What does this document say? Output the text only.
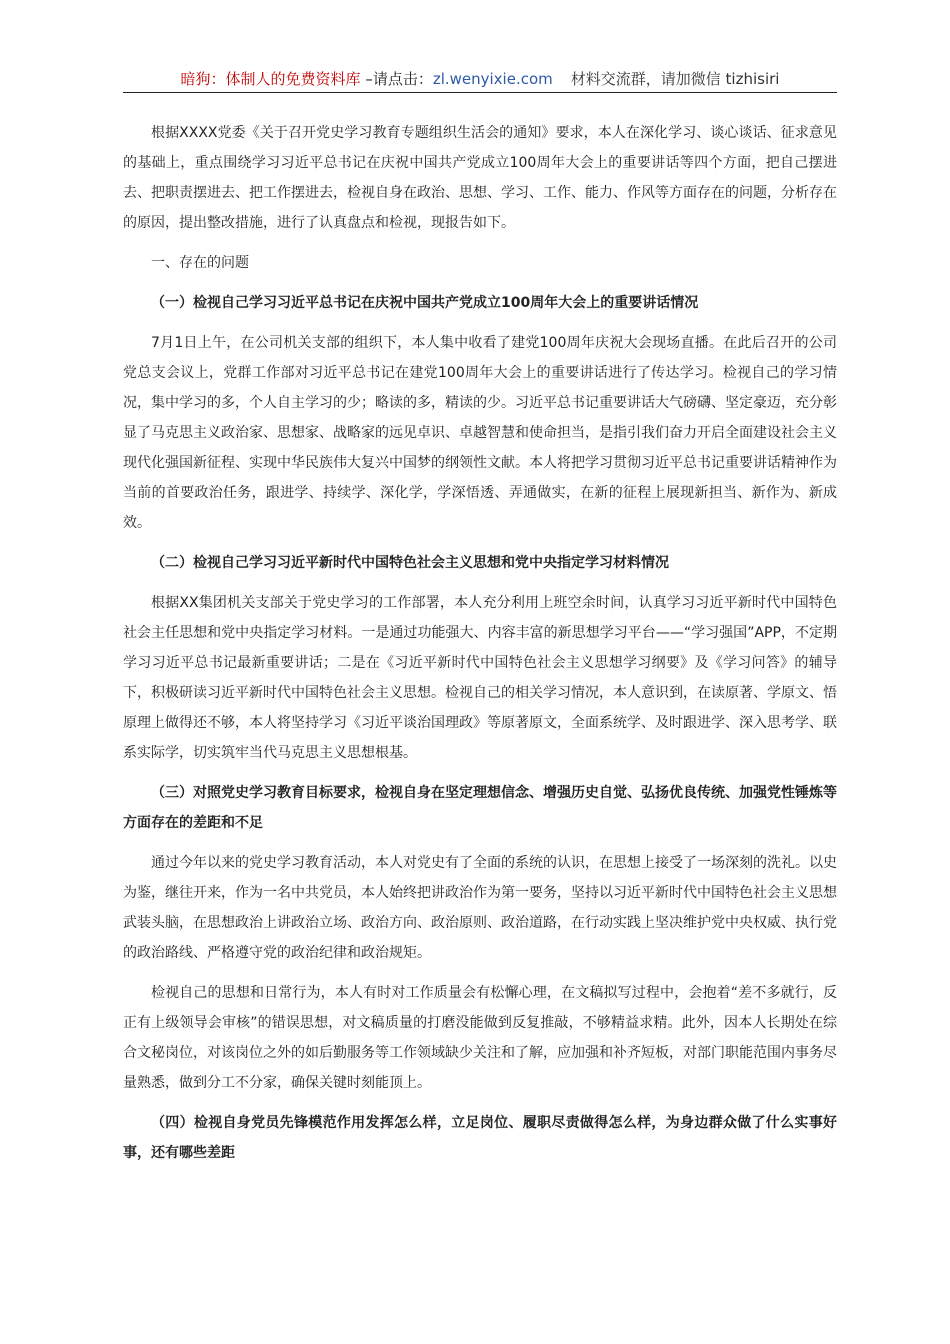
暗狗：体制人的免费资料库 –请点击：zl.wenyixie.com 材料交流群，请加微信 tizhisiri

根据XXXX党委《关于召开党史学习教育专题组织生活会的通知》要求，本人在深化学习、谈心谈话、征求意见的基础上，重点围绕学习习近平总书记在庆祝中国共产党成立100周年大会上的重要讲话等四个方面，把自己摆进去、把职责摆进去、把工作摆进去，检视自身在政治、思想、学习、工作、能力、作风等方面存在的问题，分析存在的原因，提出整改措施，进行了认真盘点和检视，现报告如下。

一、存在的问题

（一）检视自己学习习近平总书记在庆祝中国共产党成立100周年大会上的重要讲话情况

7月1日上午，在公司机关支部的组织下，本人集中收看了建党100周年庆祝大会现场直播。在此后召开的公司党总支会议上，党群工作部对习近平总书记在建党100周年大会上的重要讲话进行了传达学习。检视自己的学习情况，集中学习的多，个人自主学习的少；略读的多，精读的少。习近平总书记重要讲话大气磅礴、坚定豪迈，充分彰显了马克思主义政治家、思想家、战略家的远见卓识、卓越智慧和使命担当，是指引我们奋力开启全面建设社会主义现代化强国新征程、实现中华民族伟大复兴中国梦的纲领性文献。本人将把学习贯彻习近平总书记重要讲话精神作为当前的首要政治任务，跟进学、持续学、深化学，学深悟透、弄通做实，在新的征程上展现新担当、新作为、新成效。

（二）检视自己学习习近平新时代中国特色社会主义思想和党中央指定学习材料情况

根据XX集团机关支部关于党史学习的工作部署，本人充分利用上班空余时间，认真学习习近平新时代中国特色社会主任思想和党中央指定学习材料。一是通过功能强大、内容丰富的新思想学习平台——“学习强国”APP，不定期学习习近平总书记最新重要讲话；二是在《习近平新时代中国特色社会主义思想学习纲要》及《学习问答》的辅导下，积极研读习近平新时代中国特色社会主义思想。检视自己的相关学习情况，本人意识到，在读原著、学原文、悟原理上做得还不够，本人将坚持学习《习近平谈治国理政》等原著原文，全面系统学、及时跟进学、深入思考学、联系实际学，切实筑牢当代马克思主义思想根基。

（三）对照党史学习教育目标要求，检视自身在坚定理想信念、增强历史自觉、弘扬优良传统、加强党性锤炼等方面存在的差距和不足

通过今年以来的党史学习教育活动，本人对党史有了全面的系统的认识，在思想上接受了一场深刻的洗礼。以史为鉴，继往开来，作为一名中共党员，本人始终把讲政治作为第一要务，坚持以习近平新时代中国特色社会主义思想武装头脑，在思想政治上讲政治立场、政治方向、政治原则、政治道路，在行动实践上坚决维护党中央权威、执行党的政治路线、严格遵守党的政治纪律和政治规矩。

检视自己的思想和日常行为，本人有时对工作质量会有松懈心理，在文稿拟写过程中，会抱着“差不多就行，反正有上级领导会审核”的错误思想，对文稿质量的打磨没能做到反复推敲，不够精益求精。此外，因本人长期处在综合文秘岗位，对该岗位之外的如后勤服务等工作领域缺少关注和了解，应加强和补齐短板，对部门职能范围内事务尽量熟悉，做到分工不分家，确保关键时刻能顶上。

（四）检视自身党员先锋模范作用发挥怎么样，立足岗位、履职尽责做得怎么样，为身边群众做了什么实事好事，还有哪些差距
